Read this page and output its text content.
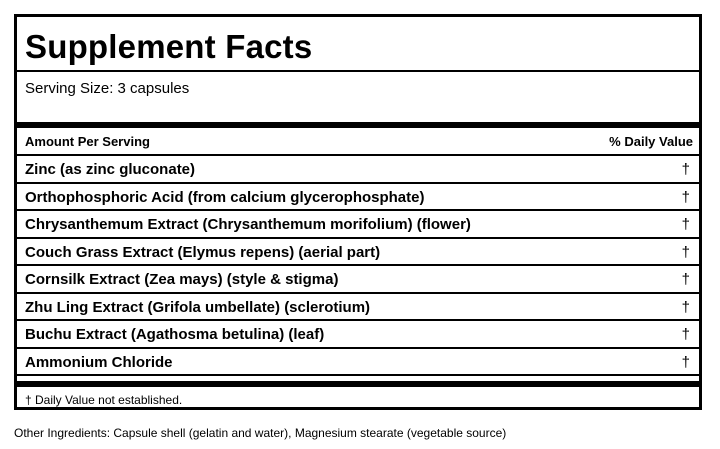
Supplement Facts
Serving Size: 3 capsules
Amount Per Serving	% Daily Value
Zinc (as zinc gluconate)	†
Orthophosphoric Acid (from calcium glycerophosphate)	†
Chrysanthemum Extract (Chrysanthemum morifolium) (flower)	†
Couch Grass Extract (Elymus repens) (aerial part)	†
Cornsilk Extract (Zea mays) (style & stigma)	†
Zhu Ling Extract (Grifola umbellate) (sclerotium)	†
Buchu Extract (Agathosma betulina) (leaf)	†
Ammonium Chloride	†
† Daily Value not established.
Other Ingredients: Capsule shell (gelatin and water), Magnesium stearate (vegetable source)
